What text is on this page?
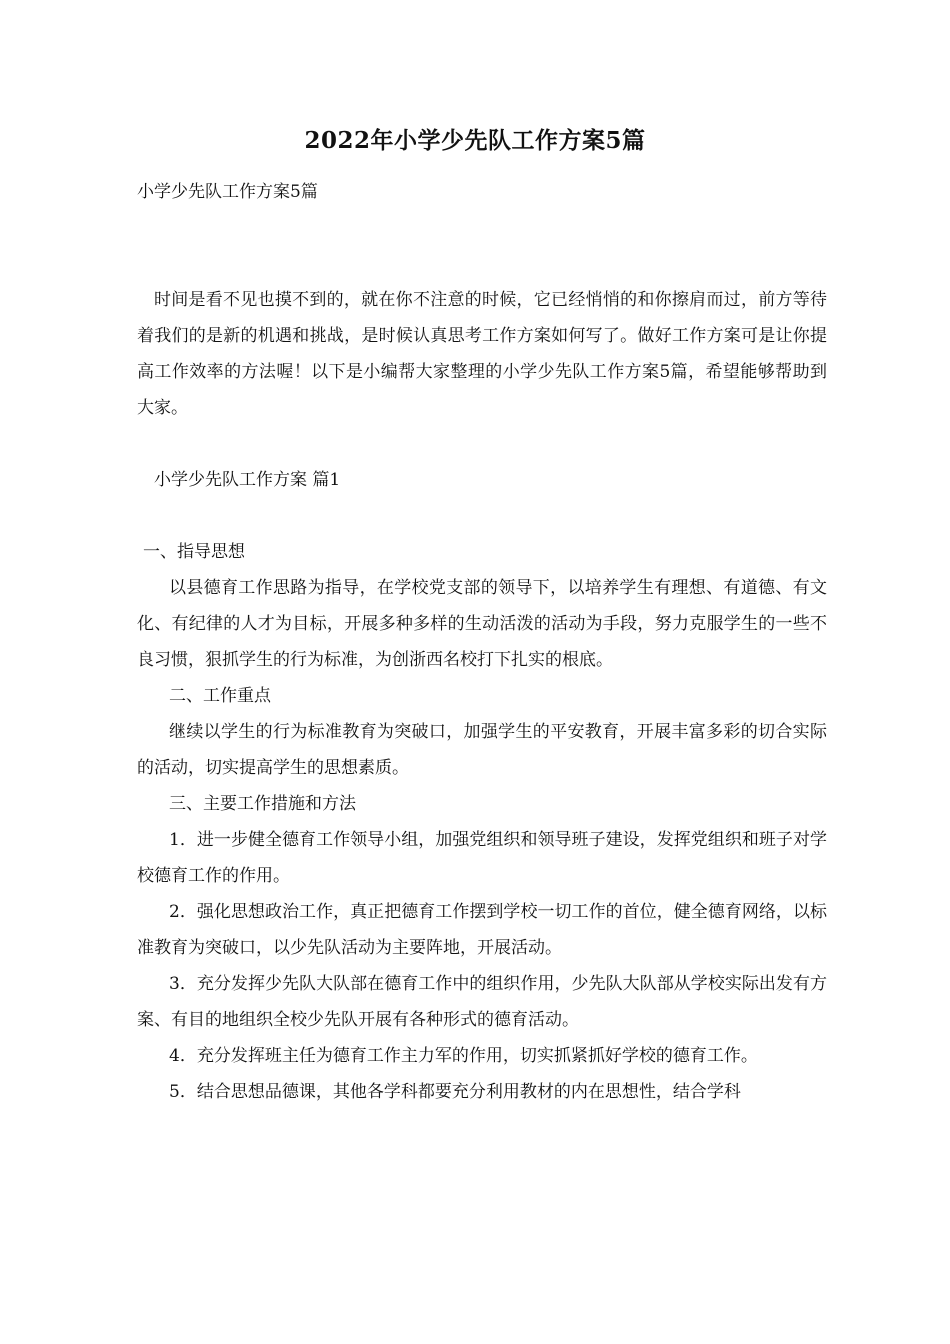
2022年小学少先队工作方案5篇
小学少先队工作方案5篇

时间是看不见也摸不到的，就在你不注意的时候，它已经悄悄的和你擦肩而过，前方等待着我们的是新的机遇和挑战，是时候认真思考工作方案如何写了。做好工作方案可是让你提高工作效率的方法喔！以下是小编帮大家整理的小学少先队工作方案5篇，希望能够帮助到大家。

小学少先队工作方案 篇1

一、指导思想

以县德育工作思路为指导，在学校党支部的领导下，以培养学生有理想、有道德、有文化、有纪律的人才为目标，开展多种多样的生动活泼的活动为手段，努力克服学生的一些不良习惯，狠抓学生的行为标准，为创浙西名校打下扎实的根底。

二、工作重点

继续以学生的行为标准教育为突破口，加强学生的平安教育，开展丰富多彩的切合实际的活动，切实提高学生的思想素质。

三、主要工作措施和方法

1．进一步健全德育工作领导小组，加强党组织和领导班子建设，发挥党组织和班子对学校德育工作的作用。

2．强化思想政治工作，真正把德育工作摆到学校一切工作的首位，健全德育网络，以标准教育为突破口，以少先队活动为主要阵地，开展活动。

3．充分发挥少先队大队部在德育工作中的组织作用，少先队大队部从学校实际出发有方案、有目的地组织全校少先队开展有各种形式的德育活动。

4．充分发挥班主任为德育工作主力军的作用，切实抓紧抓好学校的德育工作。

5．结合思想品德课，其他各学科都要充分利用教材的内在思想性，结合学科
